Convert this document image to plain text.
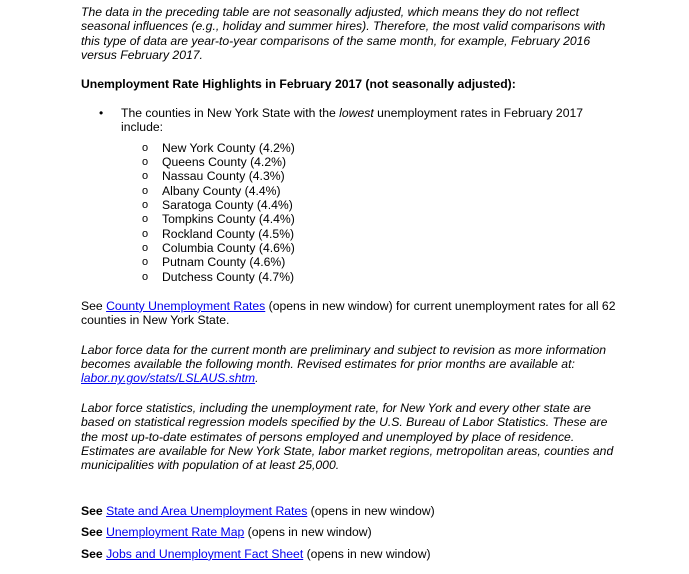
The data in the preceding table are not seasonally adjusted, which means they do not reflect seasonal influences (e.g., holiday and summer hires). Therefore, the most valid comparisons with this type of data are year-to-year comparisons of the same month, for example, February 2016 versus February 2017.

Unemployment Rate Highlights in February 2017 (not seasonally adjusted):

• The counties in New York State with the lowest unemployment rates in February 2017 include:
o New York County (4.2%)
o Queens County (4.2%)
o Nassau County (4.3%)
o Albany County (4.4%)
o Saratoga County (4.4%)
o Tompkins County (4.4%)
o Rockland County (4.5%)
o Columbia County (4.6%)
o Putnam County (4.6%)
o Dutchess County (4.7%)

See County Unemployment Rates (opens in new window) for current unemployment rates for all 62 counties in New York State.

Labor force data for the current month are preliminary and subject to revision as more information becomes available the following month. Revised estimates for prior months are available at: labor.ny.gov/stats/LSLAUS.shtm.

Labor force statistics, including the unemployment rate, for New York and every other state are based on statistical regression models specified by the U.S. Bureau of Labor Statistics. These are the most up-to-date estimates of persons employed and unemployed by place of residence. Estimates are available for New York State, labor market regions, metropolitan areas, counties and municipalities with population of at least 25,000.

See State and Area Unemployment Rates (opens in new window)
See Unemployment Rate Map (opens in new window)
See Jobs and Unemployment Fact Sheet (opens in new window)
